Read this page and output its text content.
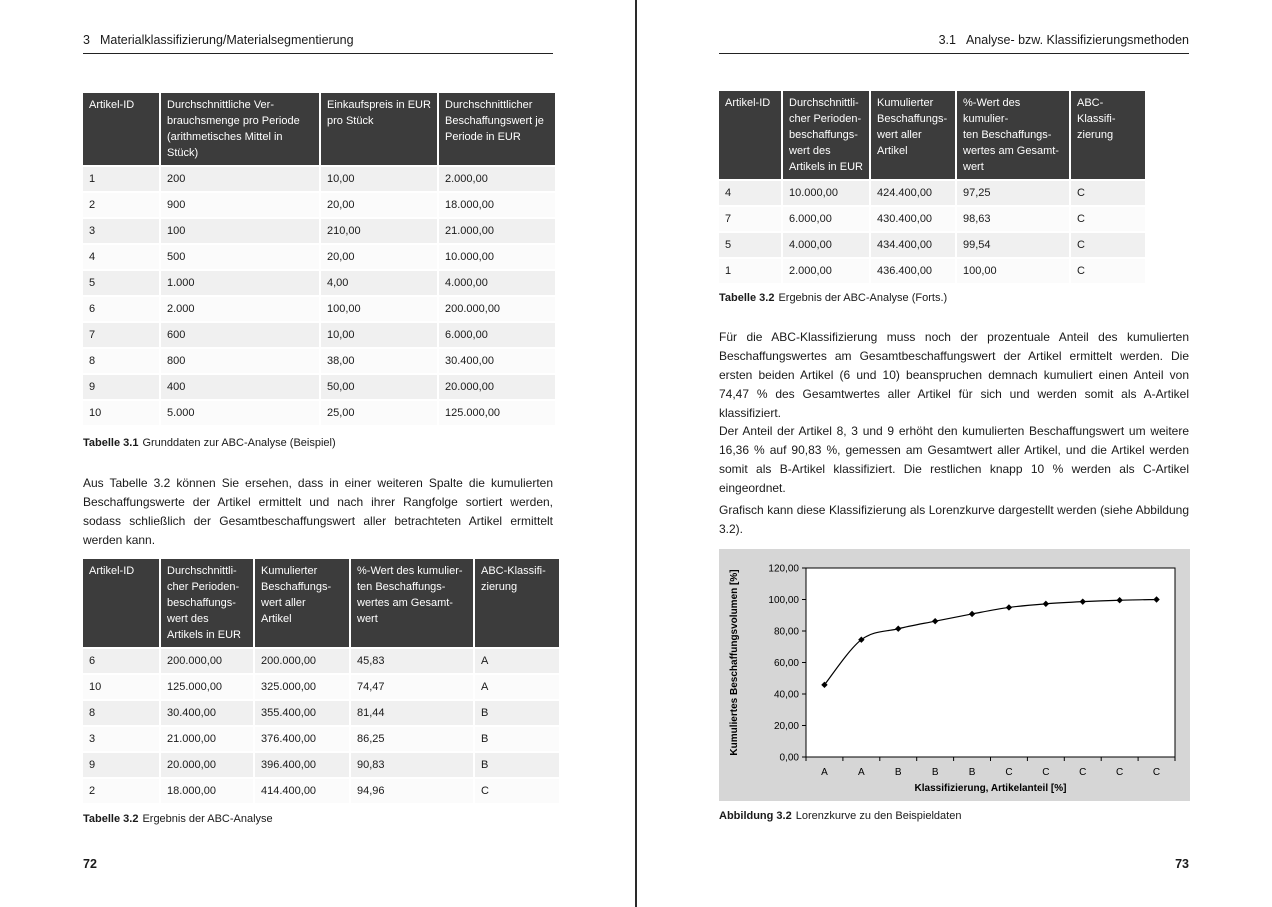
3 Materialklassifizierung/Materialsegmentierung
Artikel-ID	Durchschnittliche Ver-
brauchsmenge pro Periode
(arithmetisches Mittel in
Stück)	Einkaufspreis in EUR
pro Stück	Durchschnittlicher
Beschaffungswert je
Periode in EUR
1	200	10,00	2.000,00
2	900	20,00	18.000,00
3	100	210,00	21.000,00
4	500	20,00	10.000,00
5	1.000	4,00	4.000,00
6	2.000	100,00	200.000,00
7	600	10,00	6.000,00
8	800	38,00	30.400,00
9	400	50,00	20.000,00
10	5.000	25,00	125.000,00
Tabelle 3.1 Grunddaten zur ABC-Analyse (Beispiel)

Aus Tabelle 3.2 können Sie ersehen, dass in einer weiteren Spalte die kumulierten Beschaffungswerte der Artikel ermittelt und nach ihrer Rangfolge sortiert werden, sodass schließlich der Gesamtbeschaffungswert aller betrachteten Artikel ermittelt werden kann.

Artikel-ID	Durchschnittli-
cher Perioden-
beschaffungs-
wert des
Artikels in EUR	Kumulierter
Beschaffungs-
wert aller
Artikel	%-Wert des kumulier-
ten Beschaffungs-
wertes am Gesamt-
wert	ABC-Klassifi-
zierung
6	200.000,00	200.000,00	45,83	A
10	125.000,00	325.000,00	74,47	A
8	30.400,00	355.400,00	81,44	B
3	21.000,00	376.400,00	86,25	B
9	20.000,00	396.400,00	90,83	B
2	18.000,00	414.400,00	94,96	C
Tabelle 3.2 Ergebnis der ABC-Analyse
72
3.1 Analyse- bzw. Klassifizierungsmethoden
Artikel-ID	Durchschnittli-
cher Perioden-
beschaffungs-
wert des
Artikels in EUR	Kumulierter
Beschaffungs-
wert aller
Artikel	%-Wert des kumulier-
ten Beschaffungs-
wertes am Gesamt-
wert	ABC-Klassifi-
zierung
4	10.000,00	424.400,00	97,25	C
7	6.000,00	430.400,00	98,63	C
5	4.000,00	434.400,00	99,54	C
1	2.000,00	436.400,00	100,00	C
Tabelle 3.2 Ergebnis der ABC-Analyse (Forts.)

Für die ABC-Klassifizierung muss noch der prozentuale Anteil des kumulierten Beschaffungswertes am Gesamtbeschaffungswert der Artikel ermittelt werden. Die ersten beiden Artikel (6 und 10) beanspruchen demnach kumuliert einen Anteil von 74,47 % des Gesamtwertes aller Artikel für sich und werden somit als A-Artikel klassifiziert.

Der Anteil der Artikel 8, 3 und 9 erhöht den kumulierten Beschaffungswert um weitere 16,36 % auf 90,83 %, gemessen am Gesamtwert aller Artikel, und die Artikel werden somit als B-Artikel klassifiziert. Die restlichen knapp 10 % werden als C-Artikel eingeordnet.

Grafisch kann diese Klassifizierung als Lorenzkurve dargestellt werden (siehe Abbildung 3.2).

0,00
20,00
40,00
60,00
80,00
100,00
120,00
A	A	B	B	B	C	C	C	C	C
Klassifizierung, Artikelanteil [%]
Kumuliertes Beschaffungsvolumen [%]
Abbildung 3.2 Lorenzkurve zu den Beispieldaten
73
